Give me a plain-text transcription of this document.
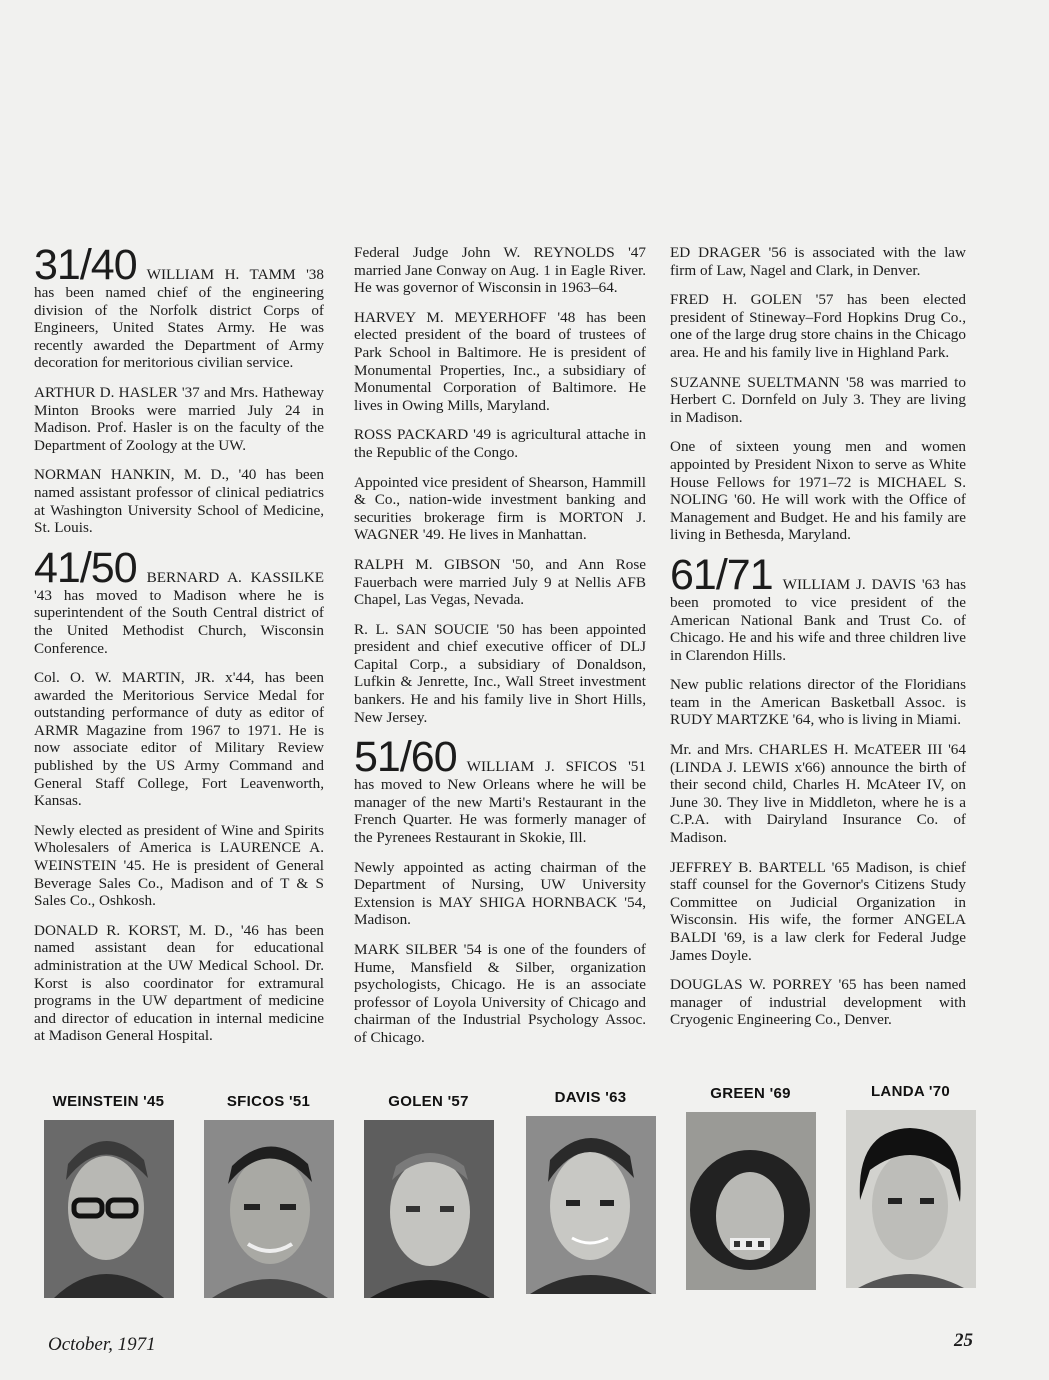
31/40 WILLIAM H. TAMM '38 has been named chief of the engineering division of the Norfolk district Corps of Engineers, United States Army. He was recently awarded the Department of Army decoration for meritorious civilian service.

ARTHUR D. HASLER '37 and Mrs. Hatheway Minton Brooks were married July 24 in Madison. Prof. Hasler is on the faculty of the Department of Zoology at the UW.

NORMAN HANKIN, M. D., '40 has been named assistant professor of clinical pediatrics at Washington University School of Medicine, St. Louis.

41/50 BERNARD A. KASSILKE '43 has moved to Madison where he is superintendent of the South Central district of the United Methodist Church, Wisconsin Conference.

Col. O. W. MARTIN, JR. x'44, has been awarded the Meritorious Service Medal for outstanding performance of duty as editor of ARMR Magazine from 1967 to 1971. He is now associate editor of Military Review published by the US Army Command and General Staff College, Fort Leavenworth, Kansas.

Newly elected as president of Wine and Spirits Wholesalers of America is LAURENCE A. WEINSTEIN '45. He is president of General Beverage Sales Co., Madison and of T & S Sales Co., Oshkosh.

DONALD R. KORST, M. D., '46 has been named assistant dean for educational administration at the UW Medical School. Dr. Korst is also coordinator for extramural programs in the UW department of medicine and director of education in internal medicine at Madison General Hospital.

Federal Judge John W. REYNOLDS '47 married Jane Conway on Aug. 1 in Eagle River. He was governor of Wisconsin in 1963–64.

HARVEY M. MEYERHOFF '48 has been elected president of the board of trustees of Park School in Baltimore. He is president of Monumental Properties, Inc., a subsidiary of Monumental Corporation of Baltimore. He lives in Owing Mills, Maryland.

ROSS PACKARD '49 is agricultural attache in the Republic of the Congo.

Appointed vice president of Shearson, Hammill & Co., nation-wide investment banking and securities brokerage firm is MORTON J. WAGNER '49. He lives in Manhattan.

RALPH M. GIBSON '50, and Ann Rose Fauerbach were married July 9 at Nellis AFB Chapel, Las Vegas, Nevada.

R. L. SAN SOUCIE '50 has been appointed president and chief executive officer of DLJ Capital Corp., a subsidiary of Donaldson, Lufkin & Jenrette, Inc., Wall Street investment bankers. He and his family live in Short Hills, New Jersey.

51/60 WILLIAM J. SFICOS '51 has moved to New Orleans where he will be manager of the new Marti's Restaurant in the French Quarter. He was formerly manager of the Pyrenees Restaurant in Skokie, Ill.

Newly appointed as acting chairman of the Department of Nursing, UW University Extension is MAY SHIGA HORNBACK '54, Madison.

MARK SILBER '54 is one of the founders of Hume, Mansfield & Silber, organization psychologists, Chicago. He is an associate professor of Loyola University of Chicago and chairman of the Industrial Psychology Assoc. of Chicago.

ED DRAGER '56 is associated with the law firm of Law, Nagel and Clark, in Denver.

FRED H. GOLEN '57 has been elected president of Stineway–Ford Hopkins Drug Co., one of the large drug store chains in the Chicago area. He and his family live in Highland Park.

SUZANNE SUELTMANN '58 was married to Herbert C. Dornfeld on July 3. They are living in Madison.

One of sixteen young men and women appointed by President Nixon to serve as White House Fellows for 1971–72 is MICHAEL S. NOLING '60. He will work with the Office of Management and Budget. He and his family are living in Bethesda, Maryland.

61/71 WILLIAM J. DAVIS '63 has been promoted to vice president of the American National Bank and Trust Co. of Chicago. He and his wife and three children live in Clarendon Hills.

New public relations director of the Floridians team in the American Basketball Assoc. is RUDY MARTZKE '64, who is living in Miami.

Mr. and Mrs. CHARLES H. McATEER III '64 (LINDA J. LEWIS x'66) announce the birth of their second child, Charles H. McAteer IV, on June 30. They live in Middleton, where he is a C.P.A. with Dairyland Insurance Co. of Madison.

JEFFREY B. BARTELL '65 Madison, is chief staff counsel for the Governor's Citizens Study Committee on Judicial Organization in Wisconsin. His wife, the former ANGELA BALDI '69, is a law clerk for Federal Judge James Doyle.

DOUGLAS W. PORREY '65 has been named manager of industrial development with Cryogenic Engineering Co., Denver.

WEINSTEIN '45	SFICOS '51	GOLEN '57	DAVIS '63	GREEN '69	LANDA '70
October, 1971	25
